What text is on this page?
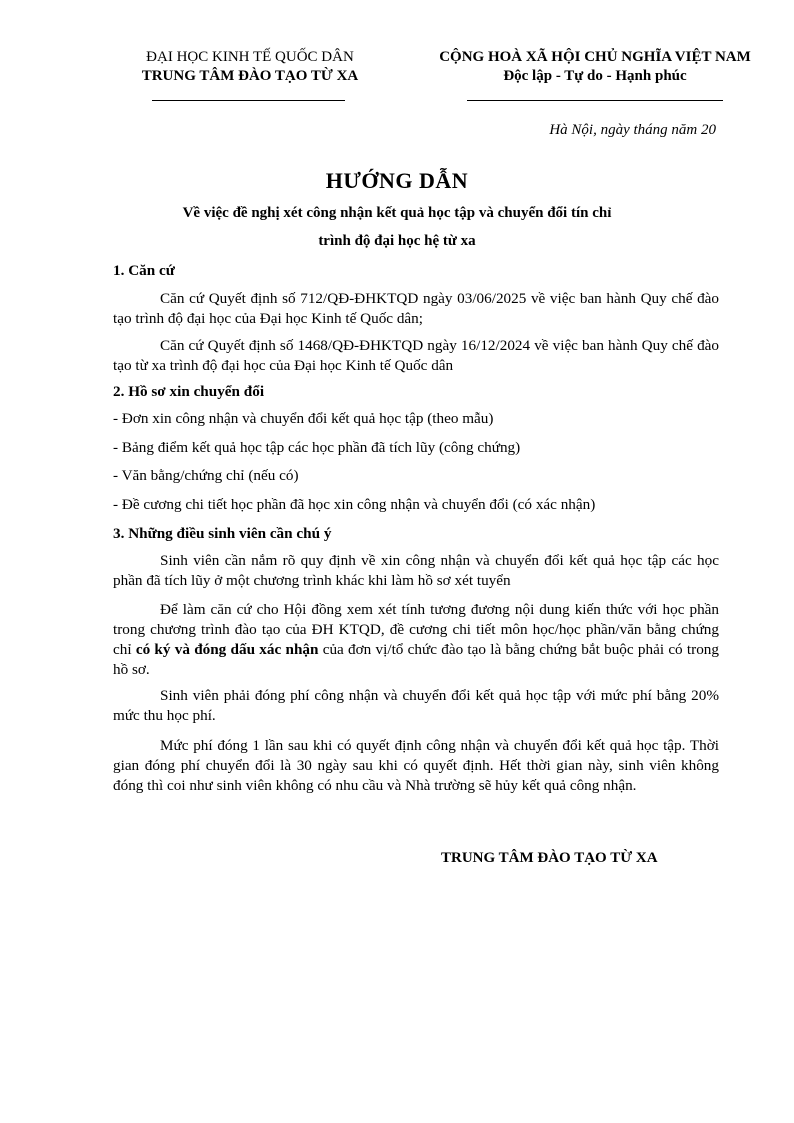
ĐẠI HỌC KINH TẾ QUỐC DÂN
TRUNG TÂM ĐÀO TẠO TỪ XA
CỘNG HOÀ XÃ HỘI CHỦ NGHĨA VIỆT NAM
Độc lập - Tự do - Hạnh phúc
Hà Nội, ngày tháng năm 20
HƯỚNG DẪN
Về việc đề nghị xét công nhận kết quả học tập và chuyển đổi tín chỉ
trình độ đại học hệ từ xa
1. Căn cứ

Căn cứ Quyết định số 712/QĐ-ĐHKTQD ngày 03/06/2025 về việc ban hành Quy chế đào tạo trình độ đại học của Đại học Kinh tế Quốc dân;

Căn cứ Quyết định số 1468/QĐ-ĐHKTQD ngày 16/12/2024 về việc ban hành Quy chế đào tạo từ xa trình độ đại học của Đại học Kinh tế Quốc dân

2. Hồ sơ xin chuyển đổi

- Đơn xin công nhận và chuyển đổi kết quả học tập (theo mẫu)

- Bảng điểm kết quả học tập các học phần đã tích lũy (công chứng)

- Văn bằng/chứng chỉ (nếu có)

- Đề cương chi tiết học phần đã học xin công nhận và chuyển đổi (có xác nhận)

3. Những điều sinh viên cần chú ý

Sinh viên cần nắm rõ quy định về xin công nhận và chuyển đổi kết quả học tập các học phần đã tích lũy ở một chương trình khác khi làm hồ sơ xét tuyển

Để làm căn cứ cho Hội đồng xem xét tính tương đương nội dung kiến thức với học phần trong chương trình đào tạo của ĐH KTQD, đề cương chi tiết môn học/học phần/văn bằng chứng chỉ có ký và đóng dấu xác nhận của đơn vị/tổ chức đào tạo là bằng chứng bắt buộc phải có trong hồ sơ.

Sinh viên phải đóng phí công nhận và chuyển đổi kết quả học tập với mức phí bằng 20% mức thu học phí.

Mức phí đóng 1 lần sau khi có quyết định công nhận và chuyển đổi kết quả học tập. Thời gian đóng phí chuyển đổi là 30 ngày sau khi có quyết định. Hết thời gian này, sinh viên không đóng thì coi như sinh viên không có nhu cầu và Nhà trường sẽ hủy kết quả công nhận.

TRUNG TÂM ĐÀO TẠO TỪ XA
